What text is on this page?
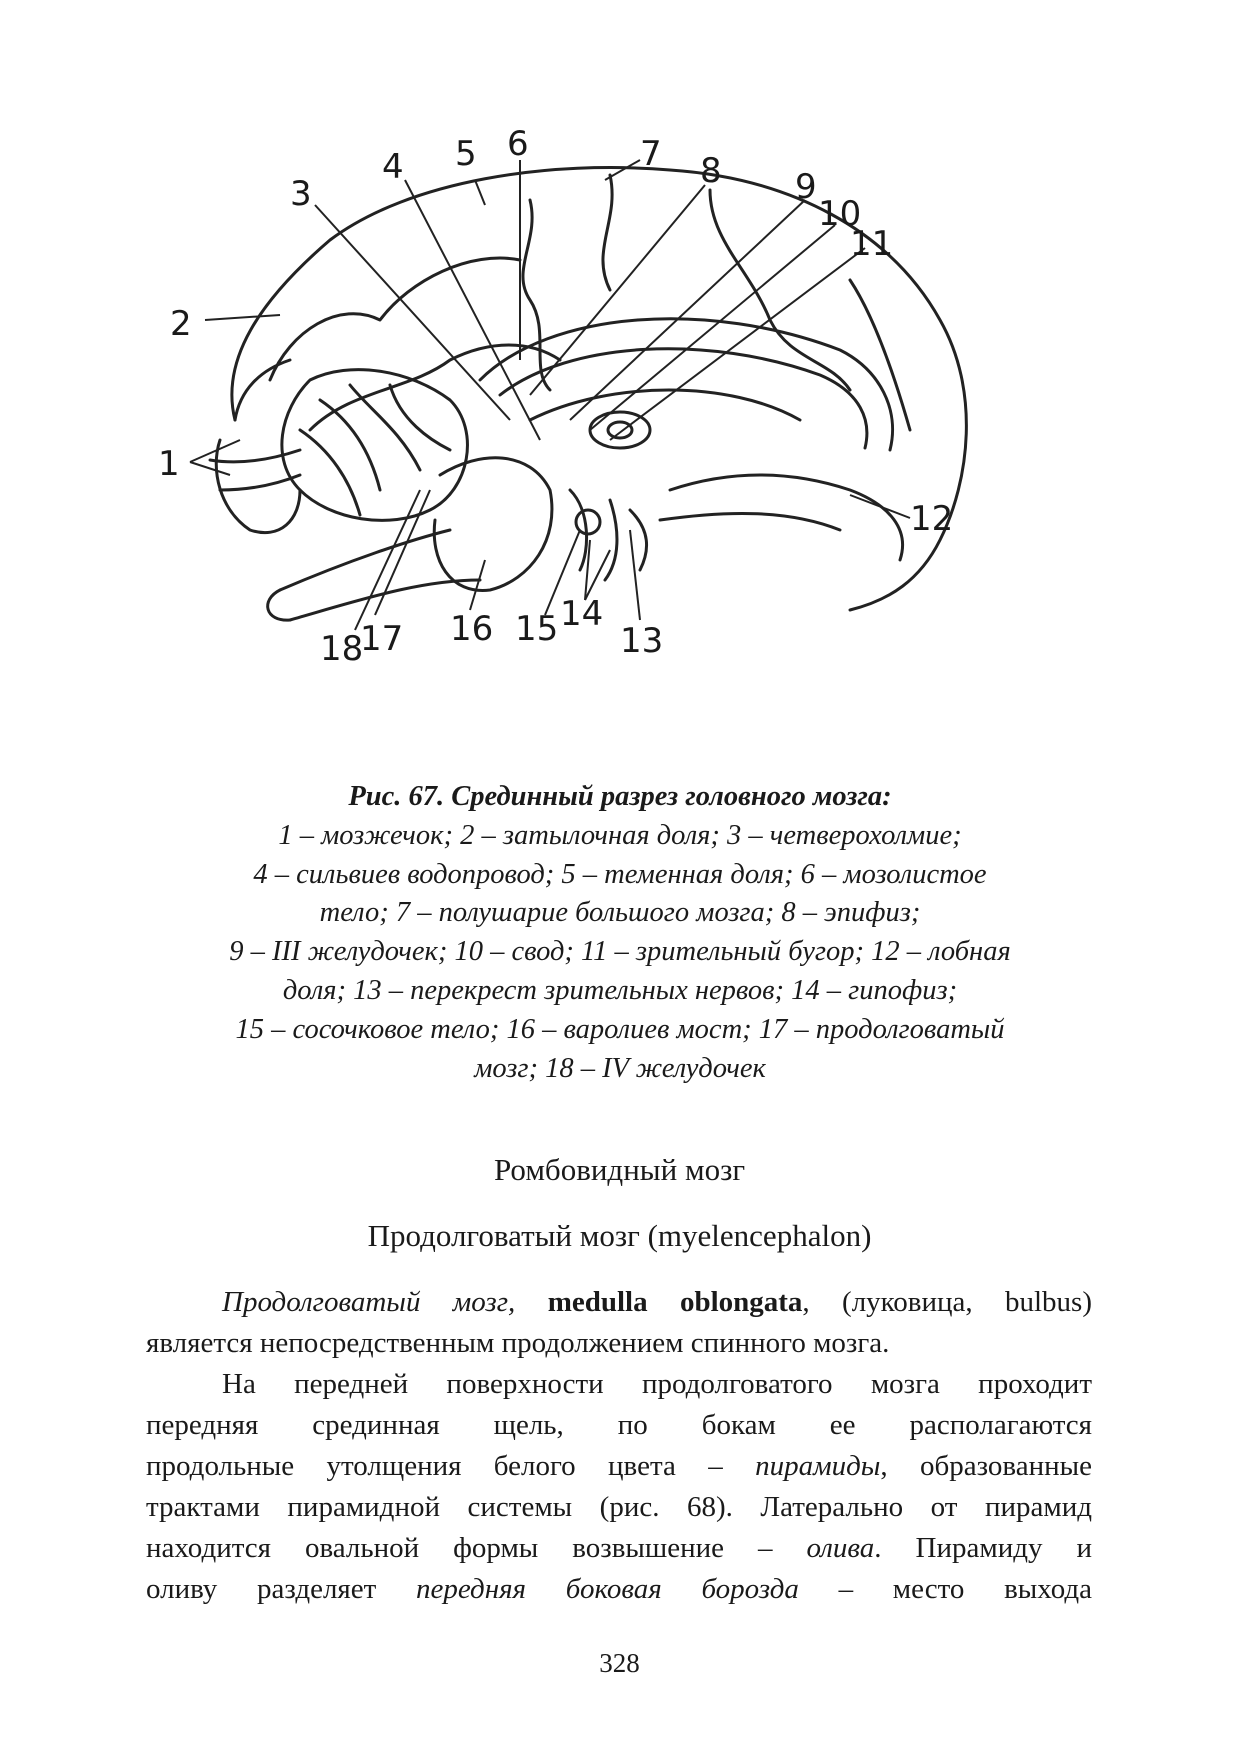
1
2
3
4 5 6	7 8 9
10
11
12
13
14
15
16
17
18
Рис. 67. Срединный разрез головного мозга:
1 – мозжечок; 2 – затылочная доля; 3 – четверохолмие;
4 – сильвиев водопровод; 5 – теменная доля; 6 – мозолистое
тело; 7 – полушарие большого мозга; 8 – эпифиз;
9 – III желудочек; 10 – свод; 11 – зрительный бугор; 12 – лобная
доля; 13 – перекрест зрительных нервов; 14 – гипофиз;
15 – сосочковое тело; 16 – варолиев мост; 17 – продолговатый
мозг; 18 – IV желудочек
Ромбовидный мозг
Продолговатый мозг (myelencephalon)

Продолговатый мозг, medulla oblongata, (луковица, bulbus)

является непосредственным продолжением спинного мозга.

На передней поверхности продолговатого мозга проходит

передняя срединная щель, по бокам ее располагаются
продольные утолщения белого цвета – пирамиды, образованные
трактами пирамидной системы (рис. 68). Латерально от пирамид
находится овальной формы возвышение – олива. Пирамиду и
оливу разделяет передняя боковая борозда – место выхода
328
